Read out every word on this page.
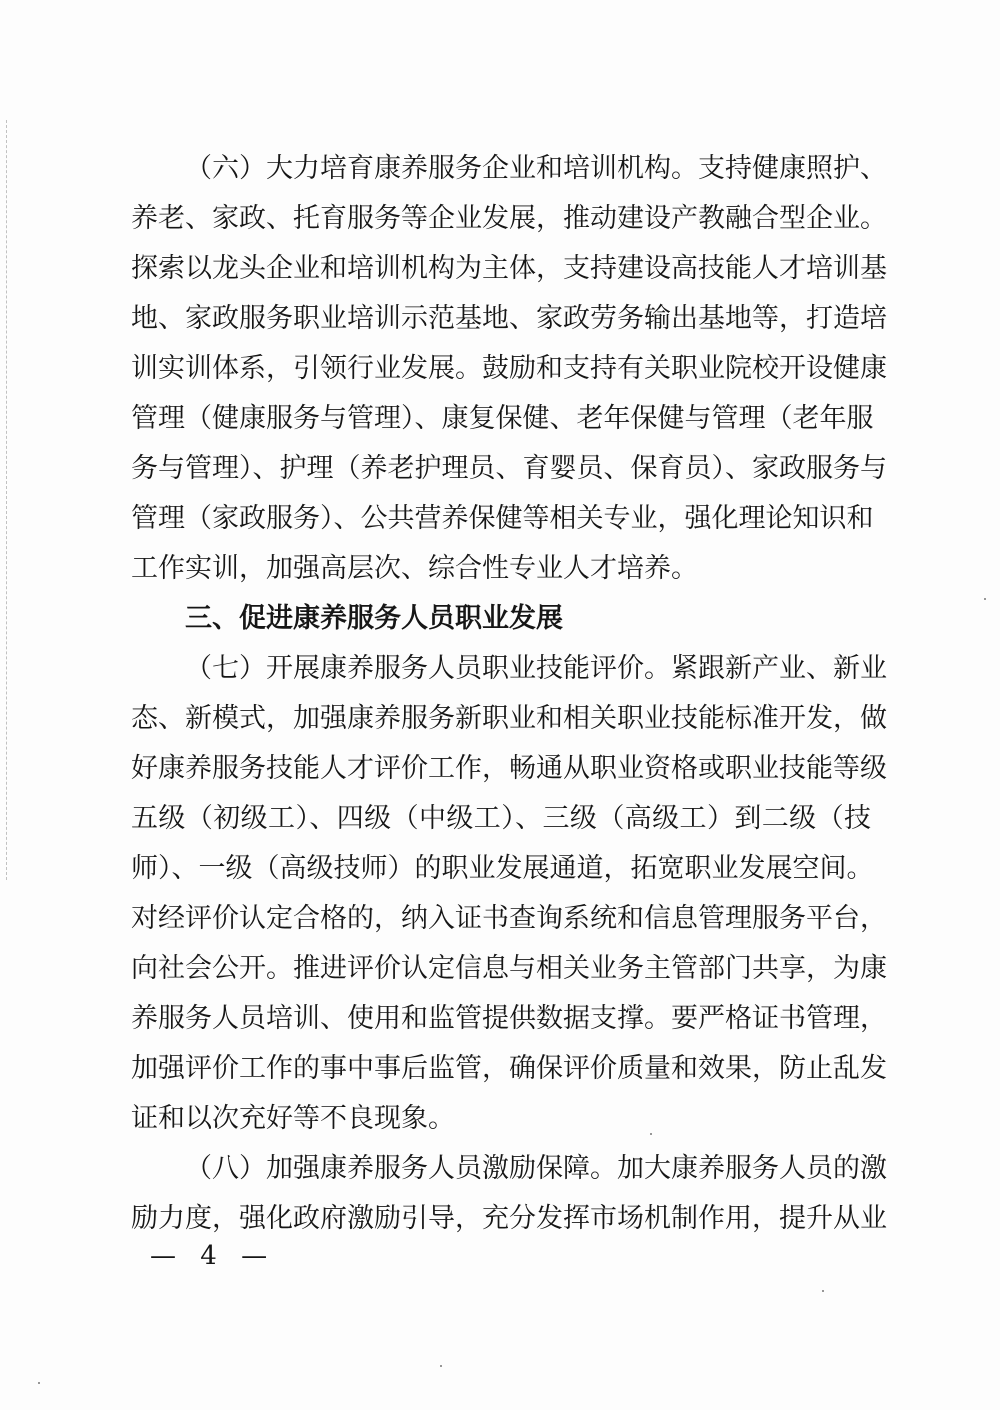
（六）大力培育康养服务企业和培训机构。支持健康照护、
养老、家政、托育服务等企业发展，推动建设产教融合型企业。
探索以龙头企业和培训机构为主体，支持建设高技能人才培训基
地、家政服务职业培训示范基地、家政劳务输出基地等，打造培
训实训体系，引领行业发展。鼓励和支持有关职业院校开设健康
管理（健康服务与管理）、康复保健、老年保健与管理（老年服
务与管理）、护理（养老护理员、育婴员、保育员）、家政服务与
管理（家政服务）、公共营养保健等相关专业，强化理论知识和
工作实训，加强高层次、综合性专业人才培养。
三、促进康养服务人员职业发展
（七）开展康养服务人员职业技能评价。紧跟新产业、新业
态、新模式，加强康养服务新职业和相关职业技能标准开发，做
好康养服务技能人才评价工作，畅通从职业资格或职业技能等级
五级（初级工）、四级（中级工）、三级（高级工）到二级（技
师）、一级（高级技师）的职业发展通道，拓宽职业发展空间。
对经评价认定合格的，纳入证书查询系统和信息管理服务平台，
向社会公开。推进评价认定信息与相关业务主管部门共享，为康
养服务人员培训、使用和监管提供数据支撑。要严格证书管理，
加强评价工作的事中事后监管，确保评价质量和效果，防止乱发
证和以次充好等不良现象。
（八）加强康养服务人员激励保障。加大康养服务人员的激
励力度，强化政府激励引导，充分发挥市场机制作用，提升从业
— 4 —
